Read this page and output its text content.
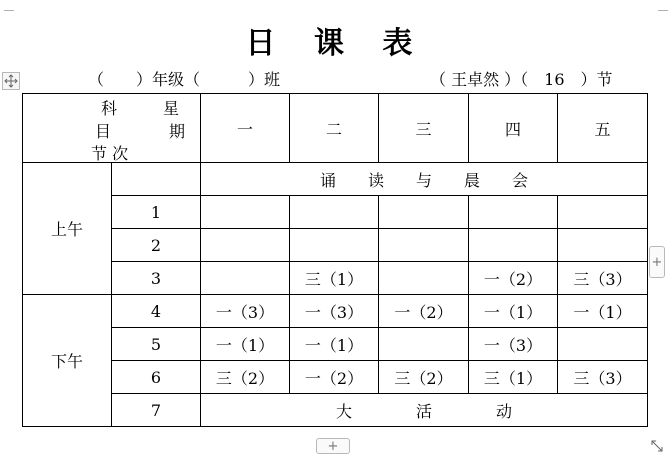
日 课 表
（　　）年级（　　　）班	（ 王卓然 ）（　16　）节
科 星
目 期
节 次		一	二	三	四	五
上午		诵　　读　　与　　晨　　会				
	1					
	2					
	3		三（1）		一（2）	三（3）
下午	4	一（3）	一（3）	一（2）	一（1）	一（1）
	5	一（1）	一（1）		一（3）	
	6	三（2）	一（2）	三（2）	三（1）	三（3）
	7	大　　　　活　　　　动				
+
+
